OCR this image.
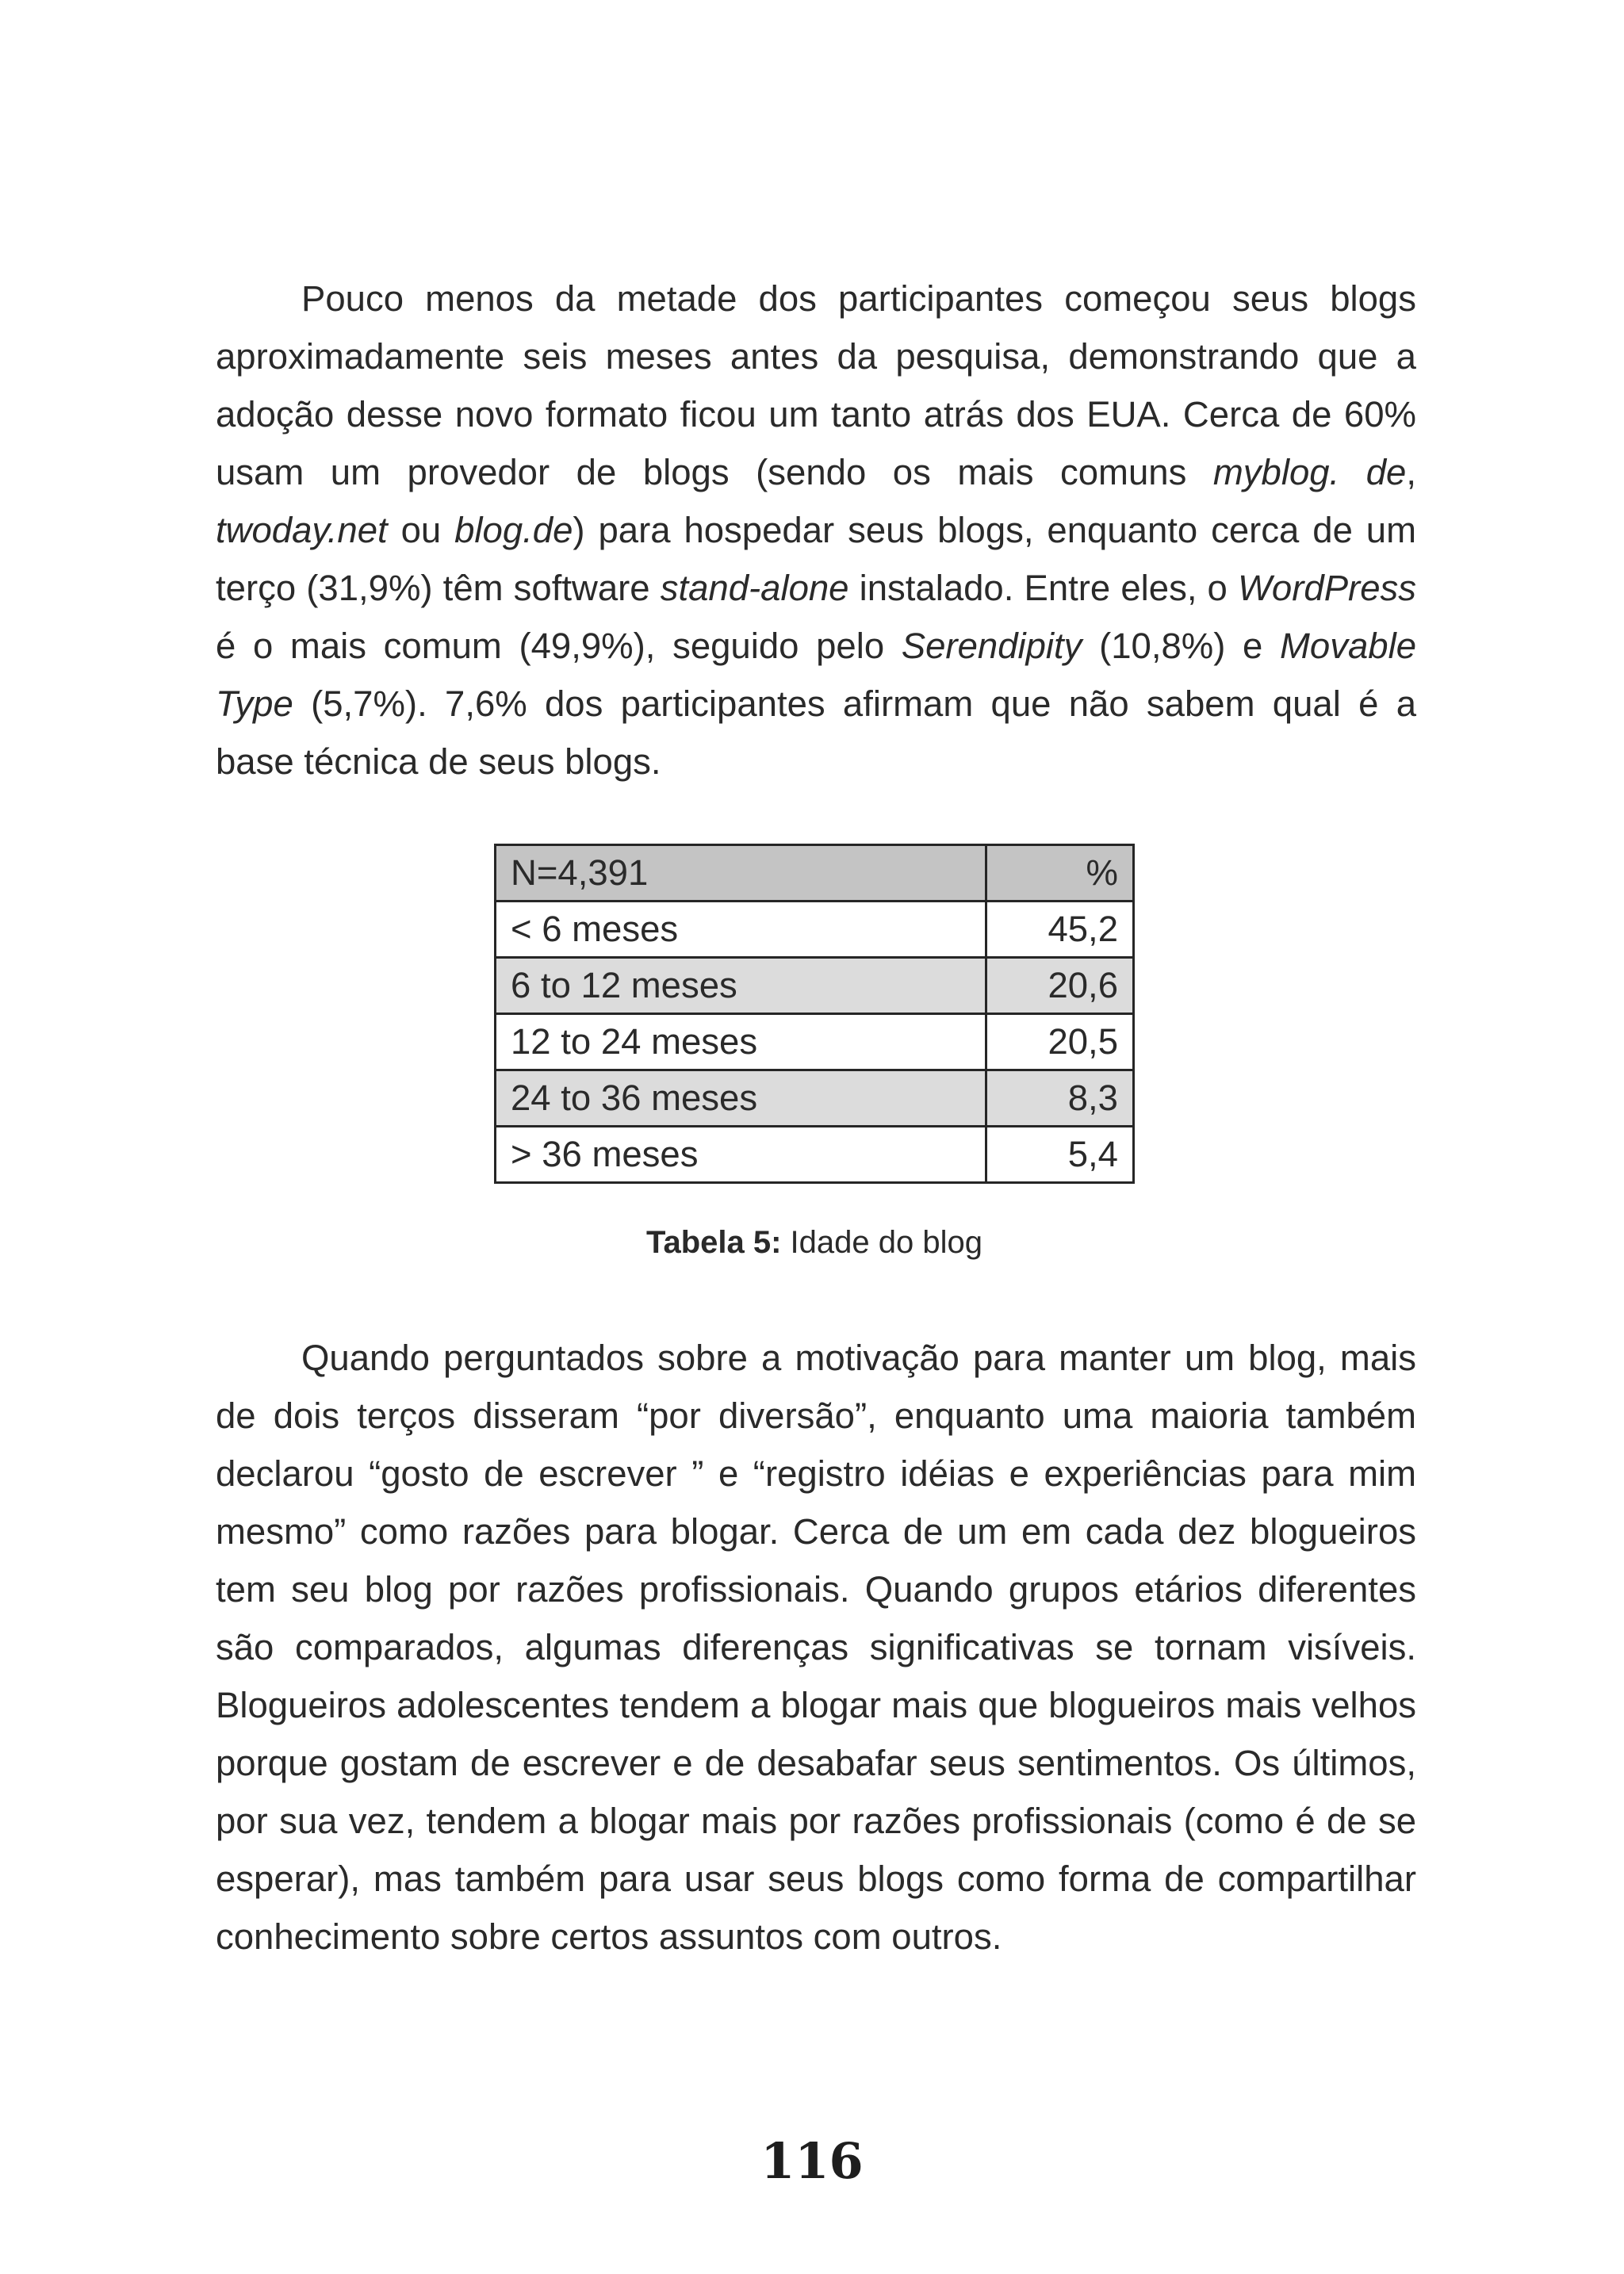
Pouco menos da metade dos participantes começou seus blogs aproximadamente seis meses antes da pesquisa, demonstrando que a adoção desse novo formato ficou um tanto atrás dos EUA. Cerca de 60% usam um provedor de blogs (sendo os mais comuns myblog. de, twoday.net ou blog.de) para hospedar seus blogs, enquanto cerca de um terço (31,9%) têm software stand-alone instalado. Entre eles, o WordPress é o mais comum (49,9%), seguido pelo Serendipity (10,8%) e Movable Type (5,7%). 7,6% dos participantes afirmam que não sabem qual é a base técnica de seus blogs.

N=4,391	%
< 6 meses	45,2
6 to 12 meses	20,6
12 to 24 meses	20,5
24 to 36 meses	8,3
> 36 meses	5,4
Tabela 5: Idade do blog

Quando perguntados sobre a motivação para manter um blog, mais de dois terços disseram “por diversão”, enquanto uma maioria também declarou “gosto de escrever ” e “registro idéias e experiências para mim mesmo” como razões para blogar. Cerca de um em cada dez blogueiros tem seu blog por razões profissionais. Quando grupos etários diferentes são comparados, algumas diferenças significativas se tornam visíveis. Blogueiros adolescentes tendem a blogar mais que blogueiros mais velhos porque gostam de escrever e de desabafar seus sentimentos. Os últimos, por sua vez, tendem a blogar mais por razões profissionais (como é de se esperar), mas também para usar seus blogs como forma de compartilhar conhecimento sobre certos assuntos com outros.

116
